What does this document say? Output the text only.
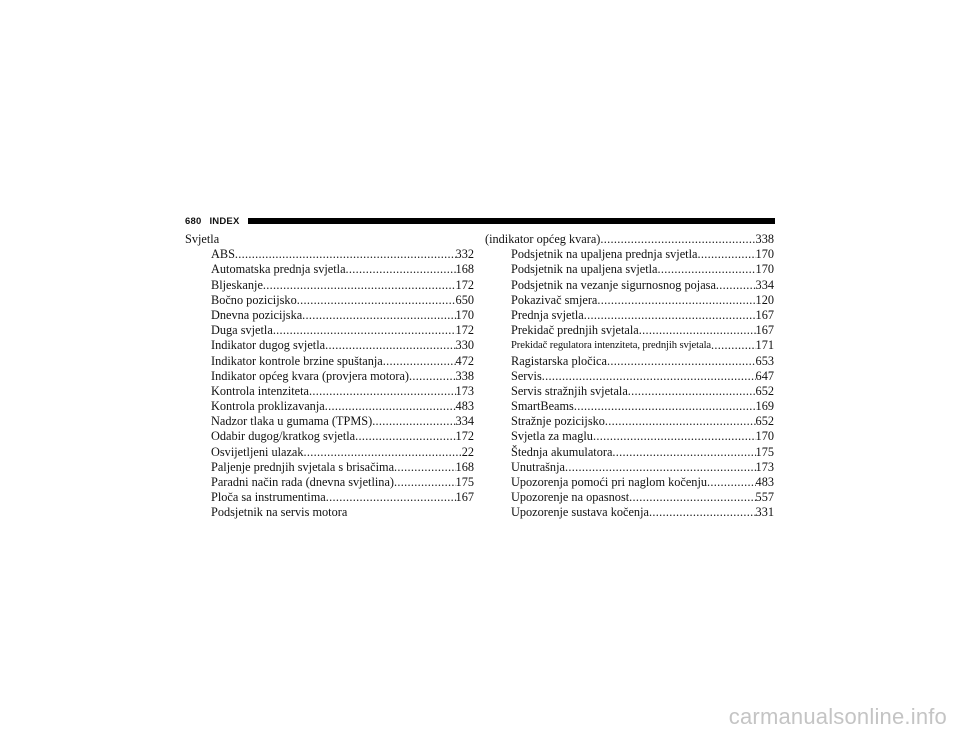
680 INDEX
Svjetla
ABS .....	332
Automatska prednja svjetla .....	168
Bljeskanje .....	172
Bočno pozicijsko .....	650
Dnevna pozicijska .....	170
Duga svjetla .....	172
Indikator dugog svjetla .....	330
Indikator kontrole brzine spuštanja .....	472
Indikator općeg kvara (provjera motora) .....	338
Kontrola intenziteta .....	173
Kontrola proklizavanja .....	483
Nadzor tlaka u gumama (TPMS) .....	334
Odabir dugog/kratkog svjetla .....	172
Osvijetljeni ulazak .....	22
Paljenje prednjih svjetala s brisačima .....	168
Paradni način rada (dnevna svjetlina) .....	175
Ploča sa instrumentima .....	167
Podsjetnik na servis motora
(indikator općeg kvara) .....	338
Podsjetnik na upaljena prednja svjetla .....	170
Podsjetnik na upaljena svjetla .....	170
Podsjetnik na vezanje sigurnosnog pojasa .....	334
Pokazivač smjera .....	120
Prednja svjetla .....	167
Prekidač prednjih svjetala .....	167
Prekidač regulatora intenziteta, prednjih svjetala .....	171
Ragistarska pločica .....	653
Servis .....	647
Servis stražnjih svjetala .....	652
SmartBeams .....	169
Stražnje pozicijsko .....	652
Svjetla za maglu .....	170
Štednja akumulatora .....	175
Unutrašnja .....	173
Upozorenja pomoći pri naglom kočenju .....	483
Upozorenje na opasnost .....	557
Upozorenje sustava kočenja .....	331
carmanualsonline.info
